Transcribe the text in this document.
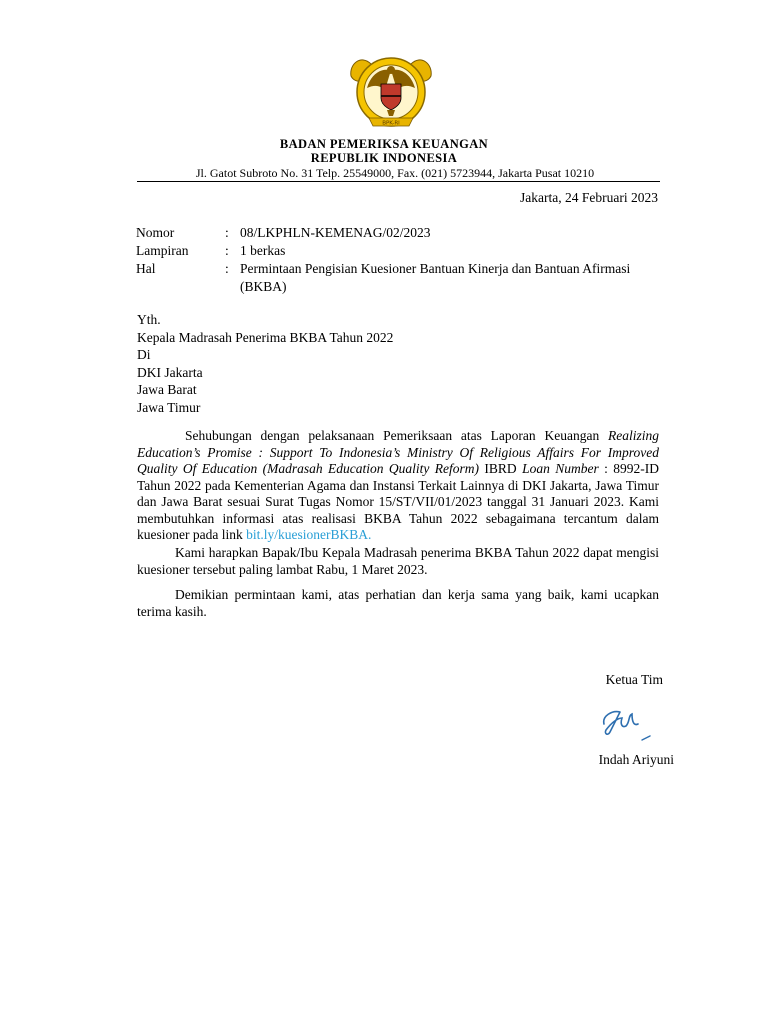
BPK-RI
BADAN PEMERIKSA KEUANGAN
REPUBLIK INDONESIA
Jl. Gatot Subroto No. 31 Telp. 25549000, Fax. (021) 5723944, Jakarta Pusat 10210
Jakarta, 24 Februari 2023
Nomor	: 08/LKPHLN-KEMENAG/02/2023
Lampiran	: 1 berkas
Hal	: Permintaan Pengisian Kuesioner Bantuan Kinerja dan Bantuan Afirmasi (BKBA)
Yth.
Kepala Madrasah Penerima BKBA Tahun 2022
Di
DKI Jakarta
Jawa Barat
Jawa Timur
Sehubungan dengan pelaksanaan Pemeriksaan atas Laporan Keuangan Realizing Education’s Promise : Support To Indonesia’s Ministry Of Religious Affairs For Improved Quality Of Education (Madrasah Education Quality Reform) IBRD Loan Number : 8992-ID Tahun 2022 pada Kementerian Agama dan Instansi Terkait Lainnya di DKI Jakarta, Jawa Timur dan Jawa Barat sesuai Surat Tugas Nomor 15/ST/VII/01/2023 tanggal 31 Januari 2023. Kami membutuhkan informasi atas realisasi BKBA Tahun 2022 sebagaimana tercantum dalam kuesioner pada link bit.ly/kuesionerBKBA.
Kami harapkan Bapak/Ibu Kepala Madrasah penerima BKBA Tahun 2022 dapat mengisi kuesioner tersebut paling lambat Rabu, 1 Maret 2023.
Demikian permintaan kami, atas perhatian dan kerja sama yang baik, kami ucapkan terima kasih.
Ketua Tim
Indah Ariyuni
